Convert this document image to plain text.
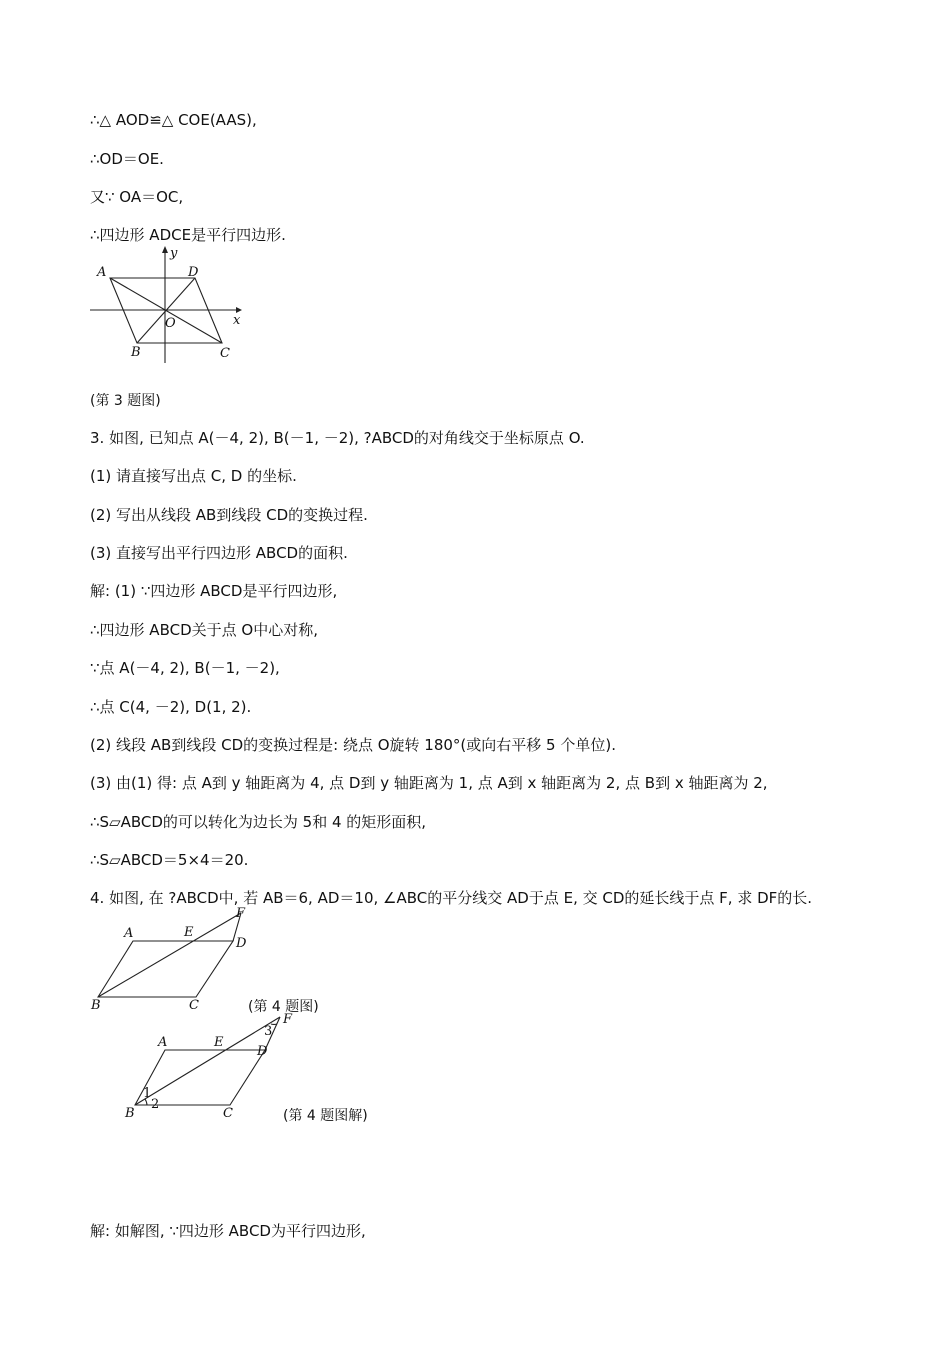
∴△ AOD≌△ COE(AAS),
∴OD＝OE.
又∵ OA＝OC,
∴四边形 ADCE是平行四边形.
A	D
B	C
O	x
y
(第 3 题图)
3. 如图, 已知点 A(－4, 2), B(－1, －2), ?ABCD的对角线交于坐标原点 O.
(1) 请直接写出点 C, D 的坐标.
(2) 写出从线段 AB到线段 CD的变换过程.
(3) 直接写出平行四边形 ABCD的面积.
解: (1) ∵四边形 ABCD是平行四边形,
∴四边形 ABCD关于点 O中心对称,
∵点 A(－4, 2), B(－1, －2),
∴点 C(4, －2), D(1, 2).
(2) 线段 AB到线段 CD的变换过程是: 绕点 O旋转 180°(或向右平移 5 个单位).
(3) 由(1) 得: 点 A到 y 轴距离为 4, 点 D到 y 轴距离为 1, 点 A到 x 轴距离为 2, 点 B到 x 轴距离为 2,
∴S▱ABCD的可以转化为边长为 5和 4 的矩形面积,
∴S▱ABCD＝5×4＝20.
4. 如图, 在 ?ABCD中, 若 AB＝6, AD＝10, ∠ABC的平分线交 AD于点 E, 交 CD的延长线于点 F, 求 DF的长.
A	E
D
F
B	C	(第 4 题图)
A	E
D
F
B	C
1
2
3
(第 4 题图解)
解: 如解图, ∵四边形 ABCD为平行四边形,
